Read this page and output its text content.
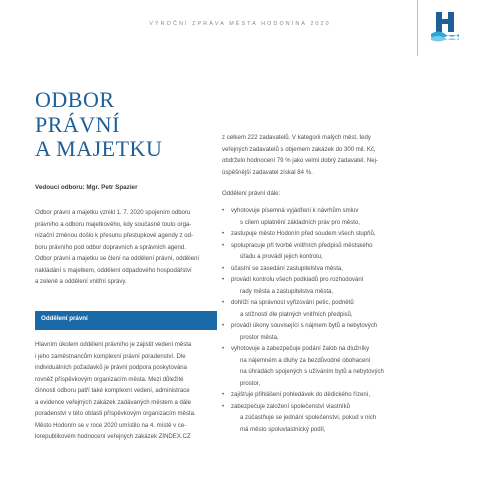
VÝROČNÍ ZPRÁVA MĚSTA HODONÍNA 2020
ODBOR
PRÁVNÍ
A MAJETKU

Vedoucí odboru: Mgr. Petr Spazier

Odbor právní a majetku vznikl 1. 7. 2020 spojením odboru

právního a odboru majetkového, kdy současně touto orga-

nizační změnou došlo k přesunu přestupkové agendy z od-

boru právního pod odbor dopravních a správních agend.

Odbor právní a majetku se člení na oddělení právní, oddělení

nakládání s majetkem, oddělení odpadového hospodářství

a zeleně a oddělení vnitřní správy.

Oddělení právní

Hlavním úkolem oddělení právního je zajistit vedení města

i jeho zaměstnancům komplexní právní poradenství. Dle

individuálních požadavků je právní podpora poskytována

rovněž příspěvkovým organizacím města. Mezi důležité

činnosti odboru patří také komplexní vedení, administrace

a evidence veřejných zakázek zadávaných městem a dále

poradenství v této oblasti příspěvkovým organizacím města.

Město Hodonín se v roce 2020 umístilo na 4. místě v ce-

lorepublikovém hodnocení veřejných zakázek ZINDEX.CZ

z celkem 222 zadavatelů. V kategorii malých měst, tedy

veřejných zadavatelů s objemem zakázek do 300 mil. Kč,

obdrželo hodnocení 79 % jako velmi dobrý zadavatel. Nej-

úspěšnější zadavatel získal 84 %.

Oddělení právní dále:

• vyhotovuje písemná vyjádření k návrhům smluv
s cílem uplatnění základních práv pro město,
• zastupuje město Hodonín před soudem všech stupňů,
• spolupracuje při tvorbě vnitřních předpisů městského
úřadu a provádí jejich kontrolu,
• účastní se zasedání zastupitelstva města,
• provádí kontrolu všech podkladů pro rozhodování
rady města a zastupitelstva města,
• dohlíží na správnost vyřizování petic, podnětů
a stížností dle platných vnitřních předpisů,
• provádí úkony související s nájmem bytů a nebytových
prostor města,
• vyhotovuje a zabezpečuje podání žalob na dlužníky
na nájemném a dluhy za bezdůvodné obohacení
na úhradách spojených s užíváním bytů a nebytových
prostor,
• zajišťuje přihlášení pohledávek do dědického řízení,
• zabezpečuje založení společenství vlastníků
a zúčastňuje se jednání společenství, pokud v nich
má město spoluvlastnický podíl,
